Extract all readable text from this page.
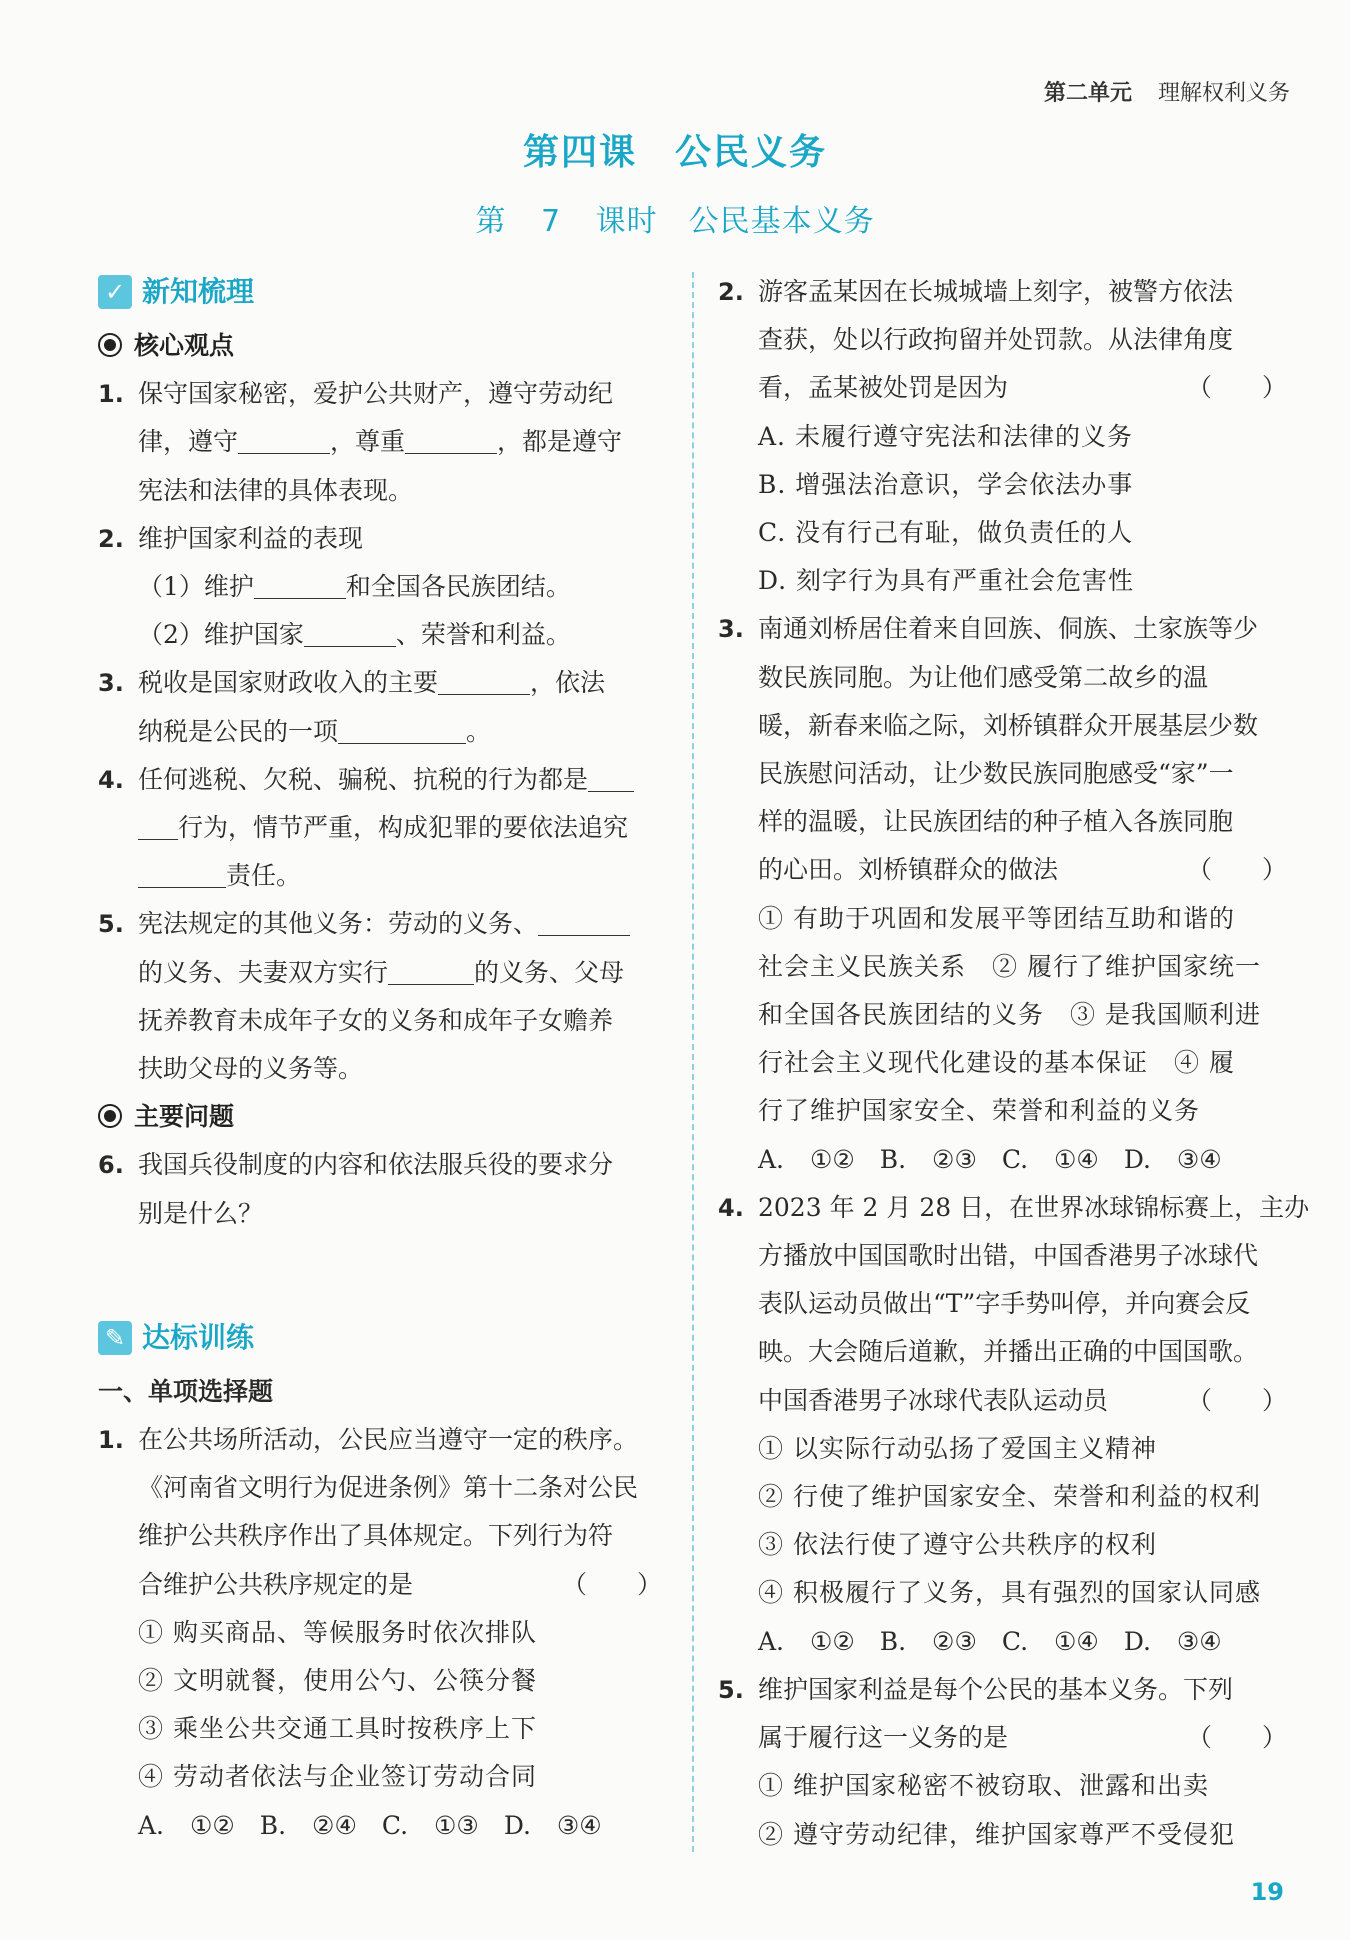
第二单元 理解权利义务
第四课　公民义务
第 7 课时　公民基本义务
✓ 新知梳理
核心观点
1. 保守国家秘密，爱护公共财产，遵守劳动纪
律，遵守	，尊重	，都是遵守
宪法和法律的具体表现。
2. 维护国家利益的表现
（1）维护	和全国各民族团结。
（2）维护国家	、荣誉和利益。
3. 税收是国家财政收入的主要	，依法
纳税是公民的一项	。
4. 任何逃税、欠税、骗税、抗税的行为都是
行为，情节严重，构成犯罪的要依法追究
责任。
5. 宪法规定的其他义务：劳动的义务、
的义务、夫妻双方实行	的义务、父母
抚养教育未成年子女的义务和成年子女赡养
扶助父母的义务等。
主要问题
6. 我国兵役制度的内容和依法服兵役的要求分
别是什么？
✎ 达标训练
一、单项选择题
1. 在公共场所活动，公民应当遵守一定的秩序。
《河南省文明行为促进条例》第十二条对公民
维护公共秩序作出了具体规定。下列行为符
合维护公共秩序规定的是	（　　）
① 购买商品、等候服务时依次排队
② 文明就餐，使用公勺、公筷分餐
③ 乘坐公共交通工具时按秩序上下
④ 劳动者依法与企业签订劳动合同
A. ①②　B. ②④　C. ①③　D. ③④
2. 游客孟某因在长城城墙上刻字，被警方依法
查获，处以行政拘留并处罚款。从法律角度
看，孟某被处罚是因为	（　　）
A. 未履行遵守宪法和法律的义务
B. 增强法治意识，学会依法办事
C. 没有行己有耻，做负责任的人
D. 刻字行为具有严重社会危害性
3. 南通刘桥居住着来自回族、侗族、土家族等少
数民族同胞。为让他们感受第二故乡的温
暖，新春来临之际，刘桥镇群众开展基层少数
民族慰问活动，让少数民族同胞感受“家”一
样的温暖，让民族团结的种子植入各族同胞
的心田。刘桥镇群众的做法	（　　）
① 有助于巩固和发展平等团结互助和谐的
社会主义民族关系　② 履行了维护国家统一
和全国各民族团结的义务　③ 是我国顺利进
行社会主义现代化建设的基本保证　④ 履
行了维护国家安全、荣誉和利益的义务
A. ①②　B. ②③　C. ①④　D. ③④
4. 2023 年 2 月 28 日，在世界冰球锦标赛上，主办
方播放中国国歌时出错，中国香港男子冰球代
表队运动员做出“T”字手势叫停，并向赛会反
映。大会随后道歉，并播出正确的中国国歌。
中国香港男子冰球代表队运动员	（　　）
① 以实际行动弘扬了爱国主义精神
② 行使了维护国家安全、荣誉和利益的权利
③ 依法行使了遵守公共秩序的权利
④ 积极履行了义务，具有强烈的国家认同感
A. ①②　B. ②③　C. ①④　D. ③④
5. 维护国家利益是每个公民的基本义务。下列
属于履行这一义务的是	（　　）
① 维护国家秘密不被窃取、泄露和出卖
② 遵守劳动纪律，维护国家尊严不受侵犯
19
